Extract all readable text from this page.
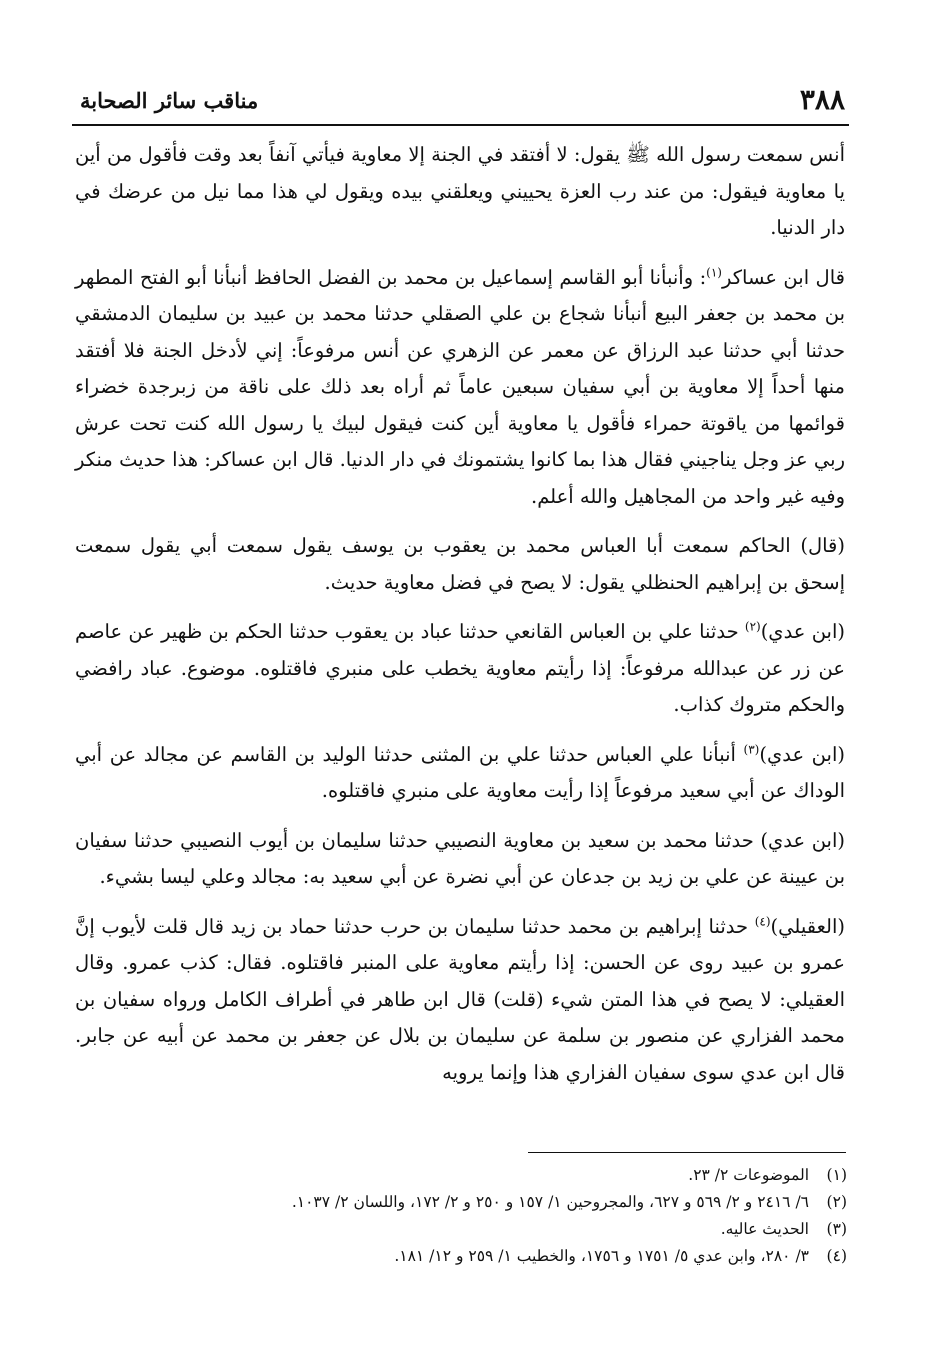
٣٨٨
مناقب سائر الصحابة

أنس سمعت رسول الله ﷺ يقول: لا أفتقد في الجنة إلا معاوية فيأتي آنفاً بعد وقت فأقول من أين يا معاوية فيقول: من عند رب العزة يحييني ويعلقني بيده ويقول لي هذا مما نيل من عرضك في دار الدنيا.

قال ابن عساكر$^{(١)}$: وأنبأنا أبو القاسم إسماعيل بن محمد بن الفضل الحافظ أنبأنا أبو الفتح المطهر بن محمد بن جعفر البيع أنبأنا شجاع بن علي الصقلي حدثنا محمد بن عبيد بن سليمان الدمشقي حدثنا أبي حدثنا عبد الرزاق عن معمر عن الزهري عن أنس مرفوعاً: إني لأدخل الجنة فلا أفتقد منها أحداً إلا معاوية بن أبي سفيان سبعين عاماً ثم أراه بعد ذلك على ناقة من زبرجدة خضراء قوائمها من ياقوتة حمراء فأقول يا معاوية أين كنت فيقول لبيك يا رسول الله كنت تحت عرش ربي عز وجل يناجيني فقال هذا بما كانوا يشتمونك في دار الدنيا. قال ابن عساكر: هذا حديث منكر وفيه غير واحد من المجاهيل والله أعلم.

(قال) الحاكم سمعت أبا العباس محمد بن يعقوب بن يوسف يقول سمعت أبي يقول سمعت إسحق بن إبراهيم الحنظلي يقول: لا يصح في فضل معاوية حديث.

(ابن عدي)$^{(٢)}$ حدثنا علي بن العباس القانعي حدثنا عباد بن يعقوب حدثنا الحكم بن ظهير عن عاصم عن زر عن عبدالله مرفوعاً: إذا رأيتم معاوية يخطب على منبري فاقتلوه. موضوع. عباد رافضي والحكم متروك كذاب.

(ابن عدي)$^{(٣)}$ أنبأنا علي العباس حدثنا علي بن المثنى حدثنا الوليد بن القاسم عن مجالد عن أبي الوداك عن أبي سعيد مرفوعاً إذا رأيت معاوية على منبري فاقتلوه.

(ابن عدي) حدثنا محمد بن سعيد بن معاوية النصيبي حدثنا سليمان بن أيوب النصيبي حدثنا سفيان بن عيينة عن علي بن زيد بن جدعان عن أبي نضرة عن أبي سعيد به: مجالد وعلي ليسا بشيء.

(العقيلي)$^{(٤)}$ حدثنا إبراهيم بن محمد حدثنا سليمان بن حرب حدثنا حماد بن زيد قال قلت لأيوب إنَّ عمرو بن عبيد روى عن الحسن: إذا رأيتم معاوية على المنبر فاقتلوه. فقال: كذب عمرو. وقال العقيلي: لا يصح في هذا المتن شيء (قلت) قال ابن طاهر في أطراف الكامل ورواه سفيان بن محمد الفزاري عن منصور بن سلمة عن سليمان بن بلال عن جعفر بن محمد عن أبيه عن جابر. قال ابن عدي سوى سفيان الفزاري هذا وإنما يرويه

(١)الموضوعات ٢/ ٢٣.
(٢)٦/ ٢٤١٦ و ٢/ ٥٦٩ و ٦٢٧، والمجروحين ١/ ١٥٧ و ٢٥٠ و ٢/ ١٧٢، واللسان ٢/ ١٠٣٧.
(٣)الحديث عاليه.
(٤)٣/ ٢٨٠، وابن عدي ٥/ ١٧٥١ و ١٧٥٦، والخطيب ١/ ٢٥٩ و ١٢/ ١٨١.
